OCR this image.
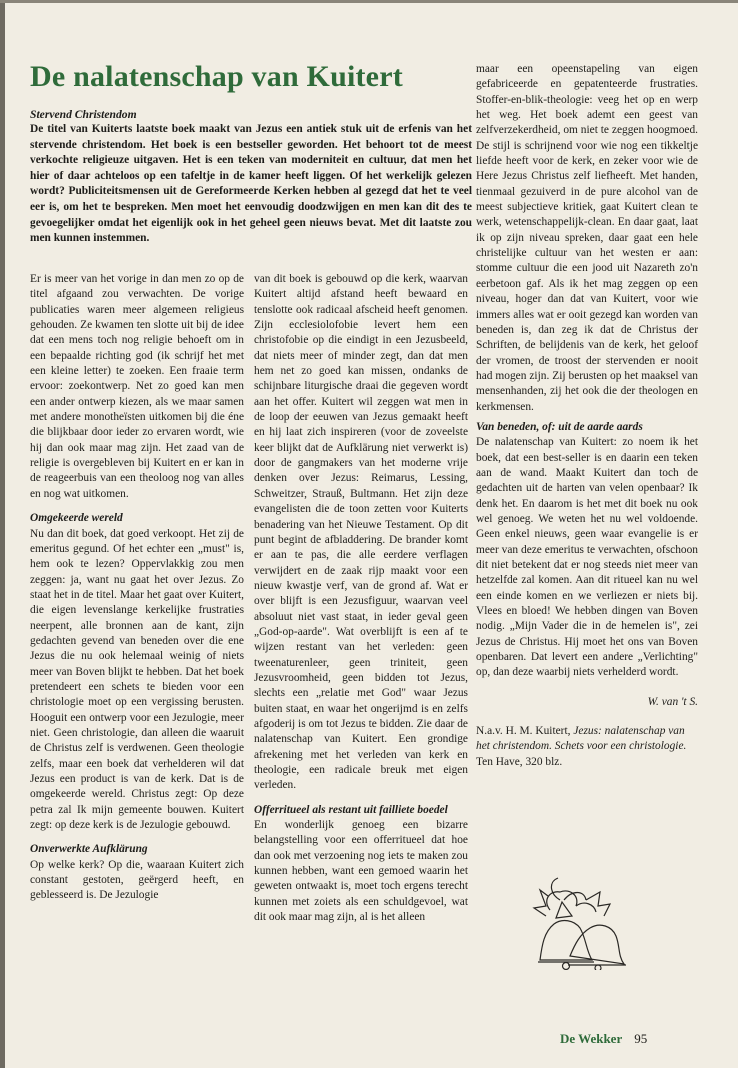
De nalatenschap van Kuitert

Stervend Christendom

De titel van Kuiterts laatste boek maakt van Jezus een antiek stuk uit de erfenis van het stervende christendom. Het boek is een bestseller geworden. Het behoort tot de meest verkochte religieuze uitgaven. Het is een teken van moderniteit en cultuur, dat men het hier of daar achteloos op een tafeltje in de kamer heeft liggen. Of het werkelijk gelezen wordt? Publiciteitsmensen uit de Gereformeerde Kerken hebben al gezegd dat het te veel eer is, om het te bespreken. Men moet het eenvoudig doodzwijgen en men kan dit des te gevoegelijker omdat het eigenlijk ook in het geheel geen nieuws bevat. Met dit laatste zou men kunnen instemmen.

Er is meer van het vorige in dan men zo op de titel afgaand zou verwachten. De vorige publicaties waren meer algemeen religieus gehouden. Ze kwamen ten slotte uit bij de idee dat een mens toch nog religie behoeft om in een bepaalde richting god (ik schrijf het met een kleine letter) te zoeken. Een fraaie term ervoor: zoekontwerp. Net zo goed kan men een ander ontwerp kiezen, als we maar samen met andere monotheïsten uitkomen bij die éne die blijkbaar door ieder zo ervaren wordt, wie hij dan ook maar mag zijn. Het zaad van de religie is overgebleven bij Kuitert en er kan in de reageerbuis van een theoloog nog van alles en nog wat uitkomen.

Omgekeerde wereld

Nu dan dit boek, dat goed verkoopt. Het zij de emeritus gegund. Of het echter een „must" is, hem ook te lezen? Oppervlakkig zou men zeggen: ja, want nu gaat het over Jezus. Zo staat het in de titel. Maar het gaat over Kuitert, die eigen levenslange kerkelijke frustraties neerpent, alle bronnen aan de kant, zijn gedachten gevend van beneden over die ene Jezus die nu ook helemaal weinig of niets meer van Boven blijkt te hebben. Dat het boek pretendeert een schets te bieden voor een christologie moet op een vergissing berusten. Hooguit een ontwerp voor een Jezulogie, meer niet. Geen christologie, dan alleen die waaruit de Christus zelf is verdwenen. Geen theologie zelfs, maar een boek dat verhelderen wil dat Jezus een product is van de kerk. Dat is de omgekeerde wereld. Christus zegt: Op deze petra zal Ik mijn gemeente bouwen. Kuitert zegt: op deze kerk is de Jezulogie gebouwd.

Onverwerkte Aufklärung

Op welke kerk? Op die, waaraan Kuitert zich constant gestoten, geërgerd heeft, en geblesseerd is. De Jezulogie

van dit boek is gebouwd op die kerk, waarvan Kuitert altijd afstand heeft bewaard en tenslotte ook radicaal afscheid heeft genomen. Zijn ecclesiolofobie levert hem een christofobie op die eindigt in een Jezusbeeld, dat niets meer of minder zegt, dan dat men hem net zo goed kan missen, ondanks de schijnbare liturgische draai die gegeven wordt aan het offer. Kuitert wil zeggen wat men in de loop der eeuwen van Jezus gemaakt heeft en hij laat zich inspireren (voor de zoveelste keer blijkt dat de Aufklärung niet verwerkt is) door de gangmakers van het moderne vrije denken over Jezus: Reimarus, Lessing, Schweitzer, Strauß, Bultmann. Het zijn deze evangelisten die de toon zetten voor Kuiterts benadering van het Nieuwe Testament. Op dit punt begint de afbladdering. De brander komt er aan te pas, die alle eerdere verflagen verwijdert en de zaak rijp maakt voor een nieuw kwastje verf, van de grond af. Wat er over blijft is een Jezusfiguur, waarvan veel absoluut niet vast staat, in ieder geval geen „God-op-aarde". Wat overblijft is een af te wijzen restant van het verleden: geen tweenaturenleer, geen triniteit, geen Jezusvroomheid, geen bidden tot Jezus, slechts een „relatie met God" waar Jezus buiten staat, en waar het ongerijmd is en zelfs afgoderij is om tot Jezus te bidden. Zie daar de nalatenschap van Kuitert. Een grondige afrekening met het verleden van kerk en theologie, een radicale breuk met eigen verleden.

Offerritueel als restant uit failliete boedel

En wonderlijk genoeg een bizarre belangstelling voor een offerritueel dat hoe dan ook met verzoening nog iets te maken zou kunnen hebben, want een gemoed waarin het geweten ontwaakt is, moet toch ergens terecht kunnen met zoiets als een schuldgevoel, wat dit ook maar mag zijn, al is het alleen

maar een opeenstapeling van eigen gefabriceerde en gepatenteerde frustraties. Stoffer-en-blik-theologie: veeg het op en werp het weg. Het boek ademt een geest van zelfverzekerdheid, om niet te zeggen hoogmoed. De stijl is schrijnend voor wie nog een tikkeltje liefde heeft voor de kerk, en zeker voor wie de Here Jezus Christus zelf liefheeft. Met handen, tienmaal gezuiverd in de pure alcohol van de meest subjectieve kritiek, gaat Kuitert clean te werk, wetenschappelijk-clean. En daar gaat, laat ik op zijn niveau spreken, daar gaat een hele christelijke cultuur van het westen er aan: stomme cultuur die een jood uit Nazareth zo'n eerbetoon gaf. Als ik het mag zeggen op een niveau, hoger dan dat van Kuitert, voor wie immers alles wat er ooit gezegd kan worden van beneden is, dan zeg ik dat de Christus der Schriften, de belijdenis van de kerk, het geloof der vromen, de troost der stervenden er nooit had mogen zijn. Zij berusten op het maaksel van mensenhanden, zij het ook die der theologen en kerkmensen.

Van beneden, of: uit de aarde aards

De nalatenschap van Kuitert: zo noem ik het boek, dat een best-seller is en daarin een teken aan de wand. Maakt Kuitert dan toch de gedachten uit de harten van velen openbaar? Ik denk het. En daarom is het met dit boek nu ook wel genoeg. We weten het nu wel voldoende. Geen enkel nieuws, geen waar evangelie is er meer van deze emeritus te verwachten, ofschoon dit niet betekent dat er nog steeds niet meer van hetzelfde zal komen. Aan dit ritueel kan nu wel een einde komen en we verliezen er niets bij. Vlees en bloed! We hebben dingen van Boven nodig. „Mijn Vader die in de hemelen is", zei Jezus de Christus. Hij moet het ons van Boven openbaren. Dat levert een andere „Verlichting" op, dan deze waarbij niets verhelderd wordt.

W. van 't S.

N.a.v. H. M. Kuitert, Jezus: nalatenschap van het christendom. Schets voor een christologie. Ten Have, 320 blz.

De Wekker 95
